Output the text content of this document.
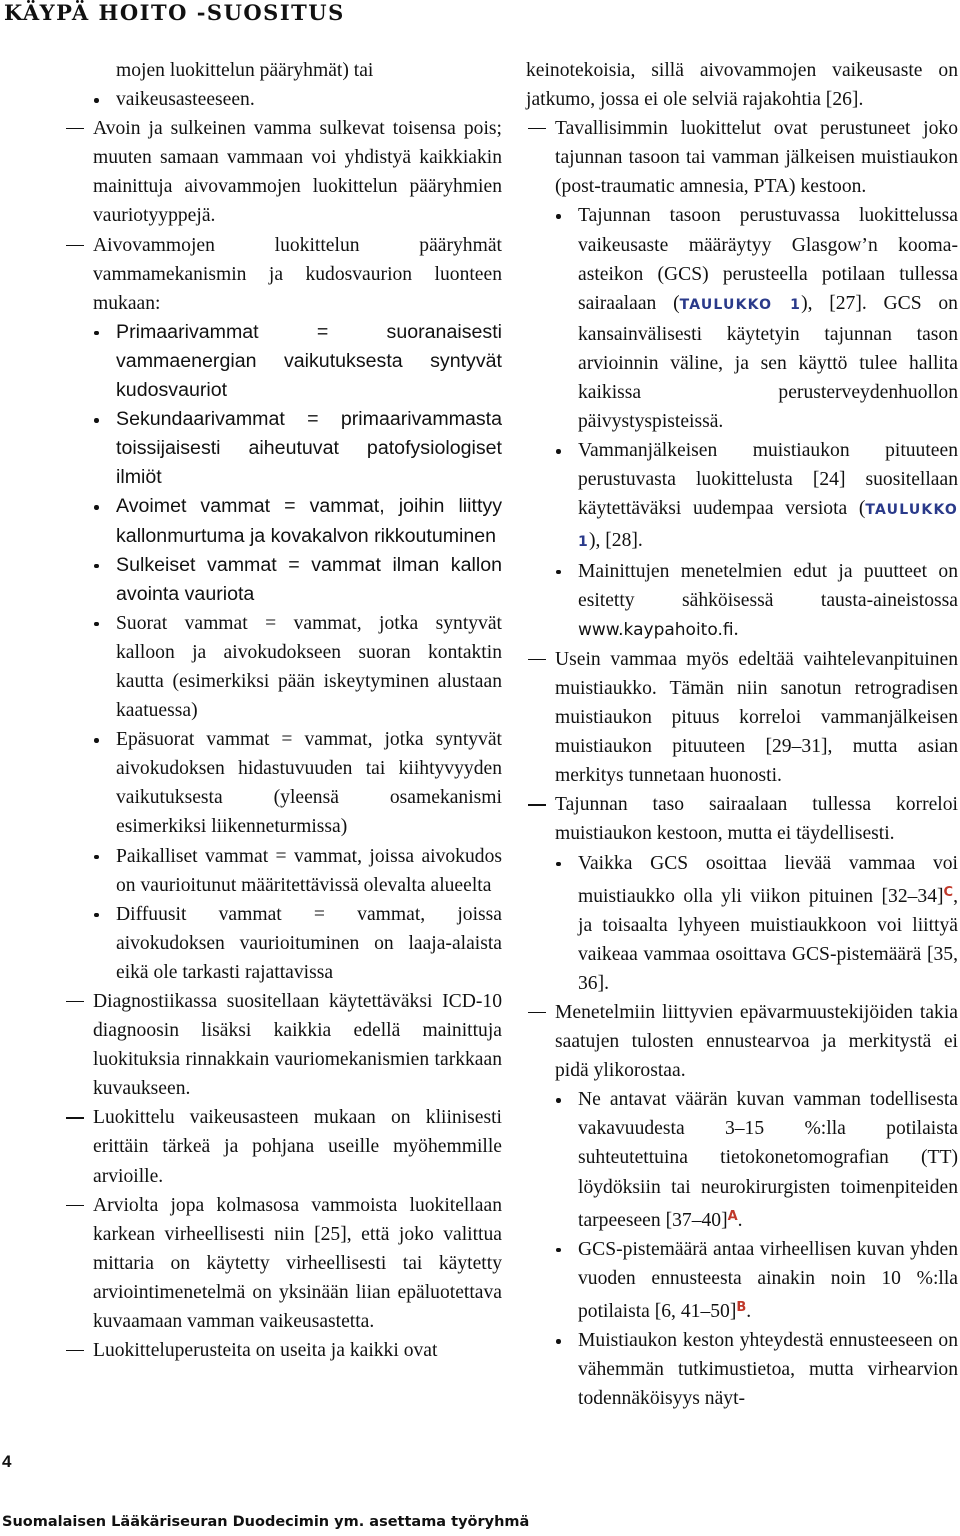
KÄYPÄ HOITO -SUOSITUS

mojen luokittelun pääryhmät) tai

vaikeusasteeseen.

Avoin ja sulkeinen vamma sulkevat toisensa pois; muuten samaan vammaan voi yhdistyä kaikkiakin mainittuja aivovammojen luokittelun pääryhmien vauriotyyppejä.

Aivovammojen luokittelun pääryhmät vammamekanismin ja kudosvaurion luonteen mukaan:

Primaarivammat = suoranaisesti vammaenergian vaikutuksesta syntyvät kudosvauriot

Sekundaarivammat = primaarivammasta toissijaisesti aiheutuvat patofysiologiset ilmiöt

Avoimet vammat = vammat, joihin liittyy kallonmurtuma ja kovakalvon rikkoutuminen

Sulkeiset vammat = vammat ilman kallon avointa vauriota

Suorat vammat = vammat, jotka syntyvät kalloon ja aivokudokseen suoran kontaktin kautta (esimerkiksi pään iskeytyminen alustaan kaatuessa)

Epäsuorat vammat = vammat, jotka syntyvät aivokudoksen hidastuvuuden tai kiihtyvyyden vaikutuksesta (yleensä osamekanismi esimerkiksi liikenneturmissa)

Paikalliset vammat = vammat, joissa aivokudos on vaurioitunut määritettävissä olevalta alueelta

Diffuusit vammat = vammat, joissa aivokudoksen vaurioituminen on laaja-alaista eikä ole tarkasti rajattavissa

Diagnostiikassa suositellaan käytettäväksi ICD-10 diagnoosin lisäksi kaikkia edellä mainittuja luokituksia rinnakkain vauriomekanismien tarkkaan kuvaukseen.

Luokittelu vaikeusasteen mukaan on kliinisesti erittäin tärkeä ja pohjana useille myöhemmille arvioille.

Arviolta jopa kolmasosa vammoista luokitellaan karkean virheellisesti niin [25], että joko valittua mittaria on käytetty virheellisesti tai käytetty arviointimenetelmä on yksinään liian epäluotettava kuvaamaan vamman vaikeusastetta.

Luokitteluperusteita on useita ja kaikki ovat

keinotekoisia, sillä aivovammojen vaikeusaste on jatkumo, jossa ei ole selviä rajakohtia [26].

Tavallisimmin luokittelut ovat perustuneet joko tajunnan tasoon tai vamman jälkeisen muistiaukon (post-traumatic amnesia, PTA) kestoon.

Tajunnan tasoon perustuvassa luokittelussa vaikeusaste määräytyy Glasgow’n kooma-asteikon (GCS) perusteella potilaan tullessa sairaalaan (TAULUKKO 1), [27]. GCS on kansainvälisesti käytetyin tajunnan tason arvioinnin väline, ja sen käyttö tulee hallita kaikissa perusterveydenhuollon päivystyspisteissä.

Vammanjälkeisen muistiaukon pituuteen perustuvasta luokittelusta [24] suositellaan käytettäväksi uudempaa versiota (TAULUKKO 1), [28].

Mainittujen menetelmien edut ja puutteet on esitetty sähköisessä tausta-aineistossa www.kaypahoito.fi.

Usein vammaa myös edeltää vaihtelevanpituinen muistiaukko. Tämän niin sanotun retrogradisen muistiaukon pituus korreloi vammanjälkeisen muistiaukon pituuteen [29–31], mutta asian merkitys tunnetaan huonosti.

Tajunnan taso sairaalaan tullessa korreloi muistiaukon kestoon, mutta ei täydellisesti.

Vaikka GCS osoittaa lievää vammaa voi muistiaukko olla yli viikon pituinen $[32-34]^C$, ja toisaalta lyhyeen muistiaukkoon voi liittyä vaikeaa vammaa osoittava GCS-pistemäärä [35, 36].

Menetelmiin liittyvien epävarmuustekijöiden takia saatujen tulosten ennustearvoa ja merkitystä ei pidä ylikorostaa.

Ne antavat väärän kuvan vamman todellisesta vakavuudesta 3–15 %:lla potilaista suhteutettuina tietokonetomografian (TT) löydöksiin tai neurokirurgisten toimenpiteiden tarpeeseen $[37-40]^A$.

GCS-pistemäärä antaa virheellisen kuvan yhden vuoden ennusteesta ainakin noin 10 %:lla potilaista [6, 41–50]$^B$.

Muistiaukon keston yhteydestä ennusteeseen on vähemmän tutkimustietoa, mutta virhearvion todennäköisyys näyt-

4
Suomalaisen Lääkäriseuran Duodecimin ym. asettama työryhmä
